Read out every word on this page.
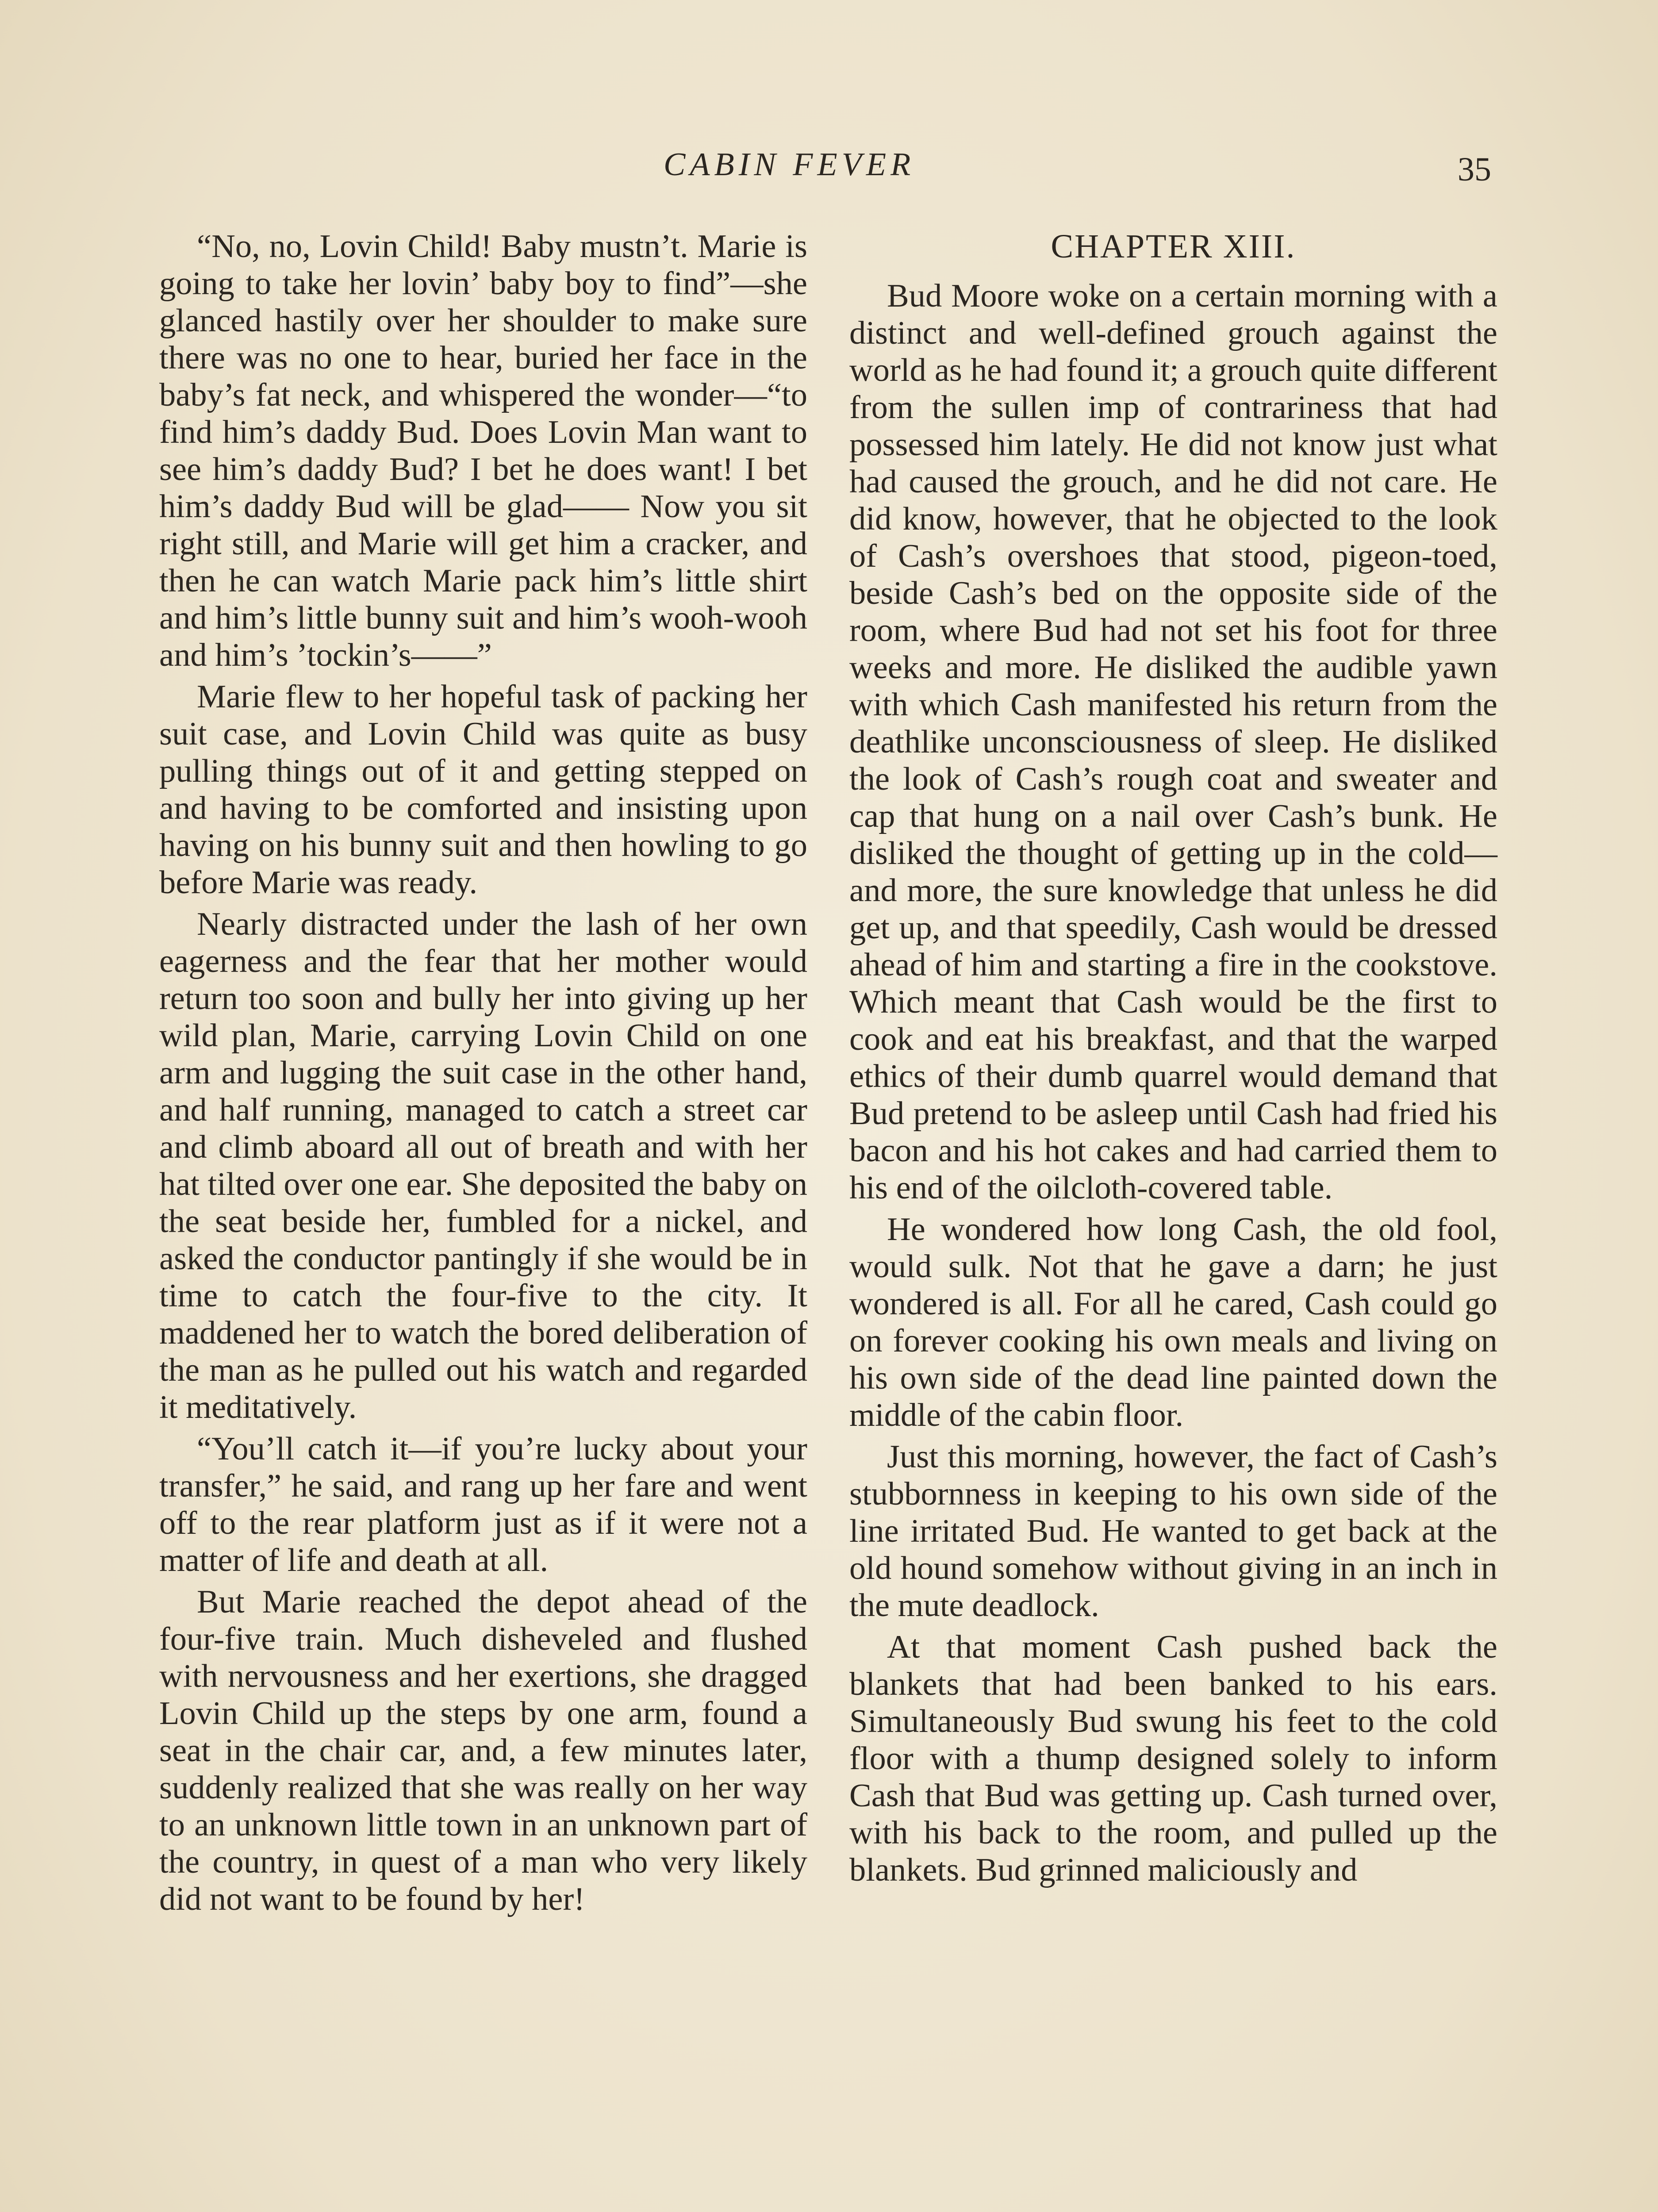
CABIN FEVER	35

“No, no, Lovin Child! Baby mustn’t. Marie is going to take her lovin’ baby boy to find”—she glanced hastily over her shoulder to make sure there was no one to hear, buried her face in the baby’s fat neck, and whispered the wonder—“to find him’s daddy Bud. Does Lovin Man want to see him’s daddy Bud? I bet he does want! I bet him’s daddy Bud will be glad—— Now you sit right still, and Marie will get him a cracker, and then he can watch Marie pack him’s little shirt and him’s little bunny suit and him’s wooh-wooh and him’s ’tockin’s——”

Marie flew to her hopeful task of packing her suit case, and Lovin Child was quite as busy pulling things out of it and getting stepped on and having to be comforted and insisting upon having on his bunny suit and then howling to go before Marie was ready.

Nearly distracted under the lash of her own eagerness and the fear that her mother would return too soon and bully her into giving up her wild plan, Marie, carrying Lovin Child on one arm and lugging the suit case in the other hand, and half running, managed to catch a street car and climb aboard all out of breath and with her hat tilted over one ear. She deposited the baby on the seat beside her, fumbled for a nickel, and asked the conductor pantingly if she would be in time to catch the four-five to the city. It maddened her to watch the bored deliberation of the man as he pulled out his watch and regarded it meditatively.

“You’ll catch it—if you’re lucky about your transfer,” he said, and rang up her fare and went off to the rear platform just as if it were not a matter of life and death at all.

But Marie reached the depot ahead of the four-five train. Much disheveled and flushed with nervousness and her exertions, she dragged Lovin Child up the steps by one arm, found a seat in the chair car, and, a few minutes later, suddenly realized that she was really on her way to an unknown little town in an unknown part of the country, in quest of a man who very likely did not want to be found by her!

CHAPTER XIII.

Bud Moore woke on a certain morning with a distinct and well-defined grouch against the world as he had found it; a grouch quite different from the sullen imp of contrariness that had possessed him lately. He did not know just what had caused the grouch, and he did not care. He did know, however, that he objected to the look of Cash’s overshoes that stood, pigeon-toed, beside Cash’s bed on the opposite side of the room, where Bud had not set his foot for three weeks and more. He disliked the audible yawn with which Cash manifested his return from the deathlike unconsciousness of sleep. He disliked the look of Cash’s rough coat and sweater and cap that hung on a nail over Cash’s bunk. He disliked the thought of getting up in the cold—and more, the sure knowledge that unless he did get up, and that speedily, Cash would be dressed ahead of him and starting a fire in the cookstove. Which meant that Cash would be the first to cook and eat his breakfast, and that the warped ethics of their dumb quarrel would demand that Bud pretend to be asleep until Cash had fried his bacon and his hot cakes and had carried them to his end of the oilcloth-covered table.

He wondered how long Cash, the old fool, would sulk. Not that he gave a darn; he just wondered is all. For all he cared, Cash could go on forever cooking his own meals and living on his own side of the dead line painted down the middle of the cabin floor.

Just this morning, however, the fact of Cash’s stubbornness in keeping to his own side of the line irritated Bud. He wanted to get back at the old hound somehow without giving in an inch in the mute deadlock.

At that moment Cash pushed back the blankets that had been banked to his ears. Simultaneously Bud swung his feet to the cold floor with a thump designed solely to inform Cash that Bud was getting up. Cash turned over, with his back to the room, and pulled up the blankets. Bud grinned maliciously and
